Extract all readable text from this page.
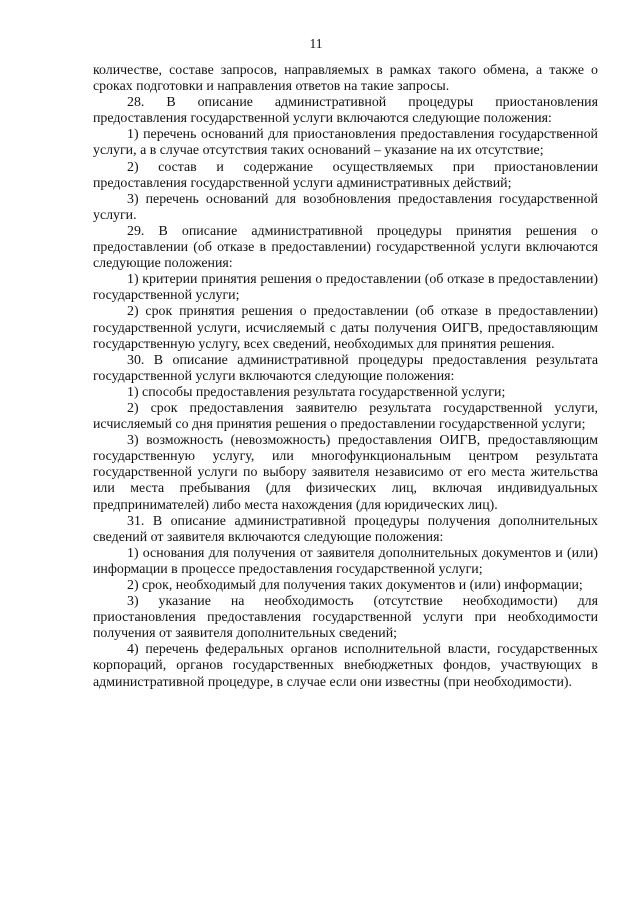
11

количестве, составе запросов, направляемых в рамках такого обмена, а также о сроках подготовки и направления ответов на такие запросы.

28. В описание административной процедуры приостановления предоставления государственной услуги включаются следующие положения:

1) перечень оснований для приостановления предоставления государственной услуги, а в случае отсутствия таких оснований – указание на их отсутствие;

2) состав и содержание осуществляемых при приостановлении предоставления государственной услуги административных действий;

3) перечень оснований для возобновления предоставления государственной услуги.

29. В описание административной процедуры принятия решения о предоставлении (об отказе в предоставлении) государственной услуги включаются следующие положения:

1) критерии принятия решения о предоставлении (об отказе в предоставлении) государственной услуги;

2) срок принятия решения о предоставлении (об отказе в предоставлении) государственной услуги, исчисляемый с даты получения ОИГВ, предоставляющим государственную услугу, всех сведений, необходимых для принятия решения.

30. В описание административной процедуры предоставления результата государственной услуги включаются следующие положения:

1) способы предоставления результата государственной услуги;

2) срок предоставления заявителю результата государственной услуги, исчисляемый со дня принятия решения о предоставлении государственной услуги;

3) возможность (невозможность) предоставления ОИГВ, предоставляющим государственную услугу, или многофункциональным центром результата государственной услуги по выбору заявителя независимо от его места жительства или места пребывания (для физических лиц, включая индивидуальных предпринимателей) либо места нахождения (для юридических лиц).

31. В описание административной процедуры получения дополнительных сведений от заявителя включаются следующие положения:

1) основания для получения от заявителя дополнительных документов и (или) информации в процессе предоставления государственной услуги;

2) срок, необходимый для получения таких документов и (или) информации;

3) указание на необходимость (отсутствие необходимости) для приостановления предоставления государственной услуги при необходимости получения от заявителя дополнительных сведений;

4) перечень федеральных органов исполнительной власти, государственных корпораций, органов государственных внебюджетных фондов, участвующих в административной процедуре, в случае если они известны (при необходимости).
